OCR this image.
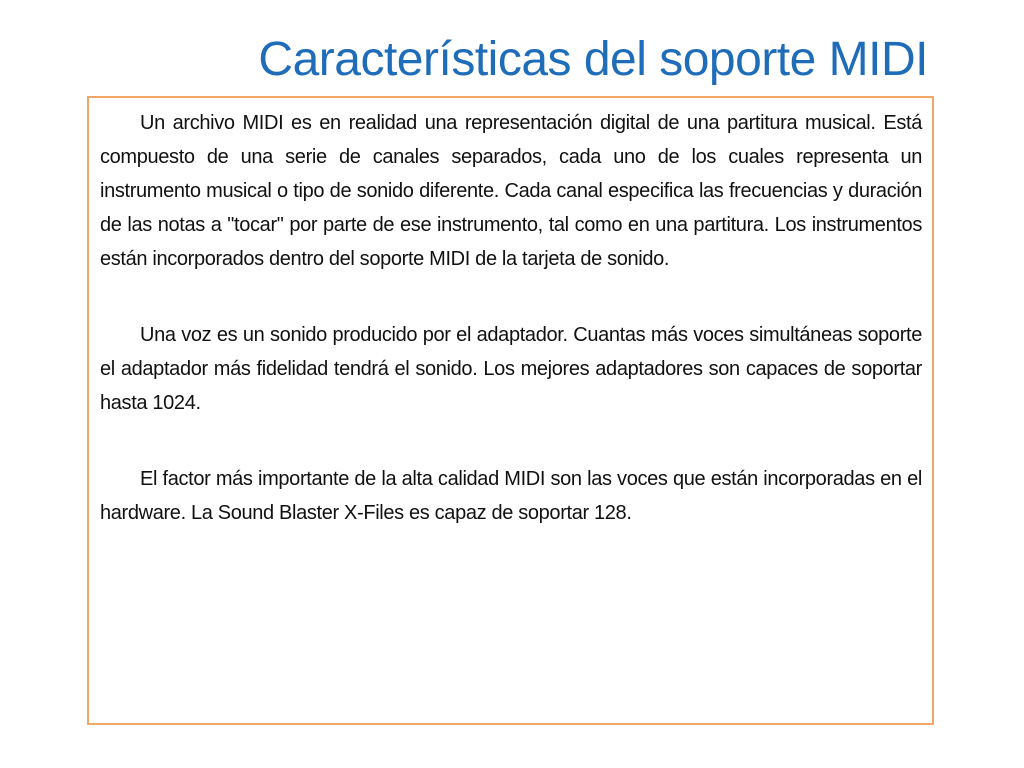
Características del soporte MIDI

Un archivo MIDI es en realidad una representación digital de una partitura musical. Está compuesto de una serie de canales separados, cada uno de los cuales representa un instrumento musical o tipo de sonido diferente. Cada canal especifica las frecuencias y duración de las notas a "tocar" por parte de ese instrumento, tal como en una partitura. Los instrumentos están incorporados dentro del soporte MIDI de la tarjeta de sonido.

Una voz es un sonido producido por el adaptador. Cuantas más voces simultáneas soporte el adaptador más fidelidad tendrá el sonido. Los mejores adaptadores son capaces de soportar hasta 1024.

El factor más importante de la alta calidad MIDI son las voces que están incorporadas en el hardware. La Sound Blaster X-Files es capaz de soportar 128.
